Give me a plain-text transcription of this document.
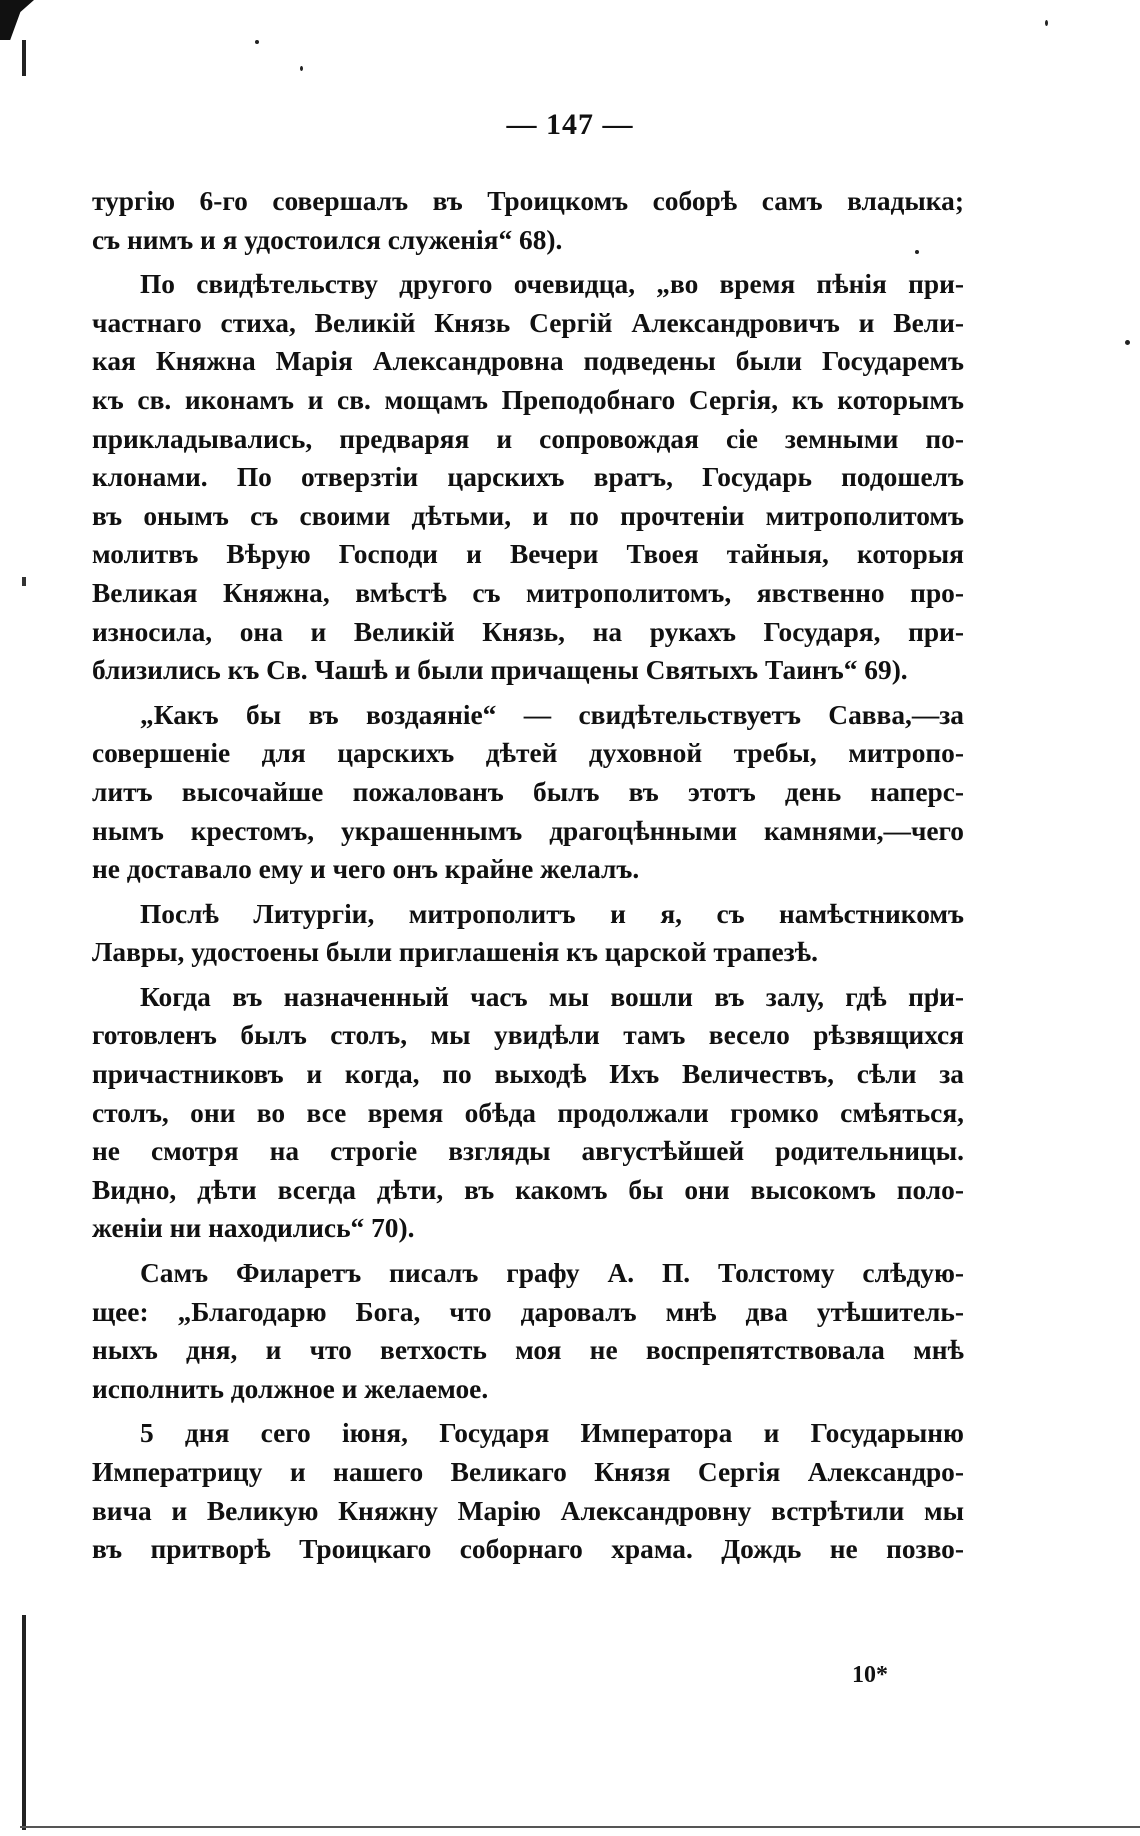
— 147 —
тургію 6-го совершалъ въ Троицкомъ соборѣ самъ владыка;
съ нимъ и я удостоился служенія“ 68).
По свидѣтельству другого очевидца, „во время пѣнія при-
частнаго стиха, Великій Князь Сергій Александровичъ и Вели-
кая Княжна Марія Александровна подведены были Государемъ
къ св. иконамъ и св. мощамъ Преподобнаго Сергія, къ которымъ
прикладывались, предваряя и сопровождая сіе земными по-
клонами. По отверзтіи царскихъ вратъ, Государь подошелъ
въ онымъ съ своими дѣтьми, и по прочтеніи митрополитомъ
молитвъ Вѣрую Господи и Вечери Твоея тайныя, которыя
Великая Княжна, вмѣстѣ съ митрополитомъ, явственно про-
износила, она и Великій Князь, на рукахъ Государя, при-
близились къ Св. Чашѣ и были причащены Святыхъ Таинъ“ 69).
„Какъ бы въ воздаяніе“ — свидѣтельствуетъ Савва,—за
совершеніе для царскихъ дѣтей духовной требы, митропо-
литъ высочайше пожалованъ былъ въ этотъ день наперс-
нымъ крестомъ, украшеннымъ драгоцѣнными камнями,—чего
не доставало ему и чего онъ крайне желалъ.
Послѣ Литургіи, митрополитъ и я, съ намѣстникомъ
Лавры, удостоены были приглашенія къ царской трапезѣ.
Когда въ назначенный часъ мы вошли въ залу, гдѣ при-
готовленъ былъ столъ, мы увидѣли тамъ весело рѣзвящихся
причастниковъ и когда, по выходѣ Ихъ Величествъ, сѣли за
столъ, они во все время обѣда продолжали громко смѣяться,
не смотря на строгіе взгляды августѣйшей родительницы.
Видно, дѣти всегда дѣти, въ какомъ бы они высокомъ поло-
женіи ни находились“ 70).
Самъ Филаретъ писалъ графу А. П. Толстому слѣдую-
щее: „Благодарю Бога, что даровалъ мнѣ два утѣшитель-
ныхъ дня, и что ветхость моя не воспрепятствовала мнѣ
исполнить должное и желаемое.
5 дня сего іюня, Государя Императора и Государыню
Императрицу и нашего Великаго Князя Сергія Александро-
вича и Великую Княжну Марію Александровну встрѣтили мы
въ притворѣ Троицкаго соборнаго храма. Дождь не позво-
10*
